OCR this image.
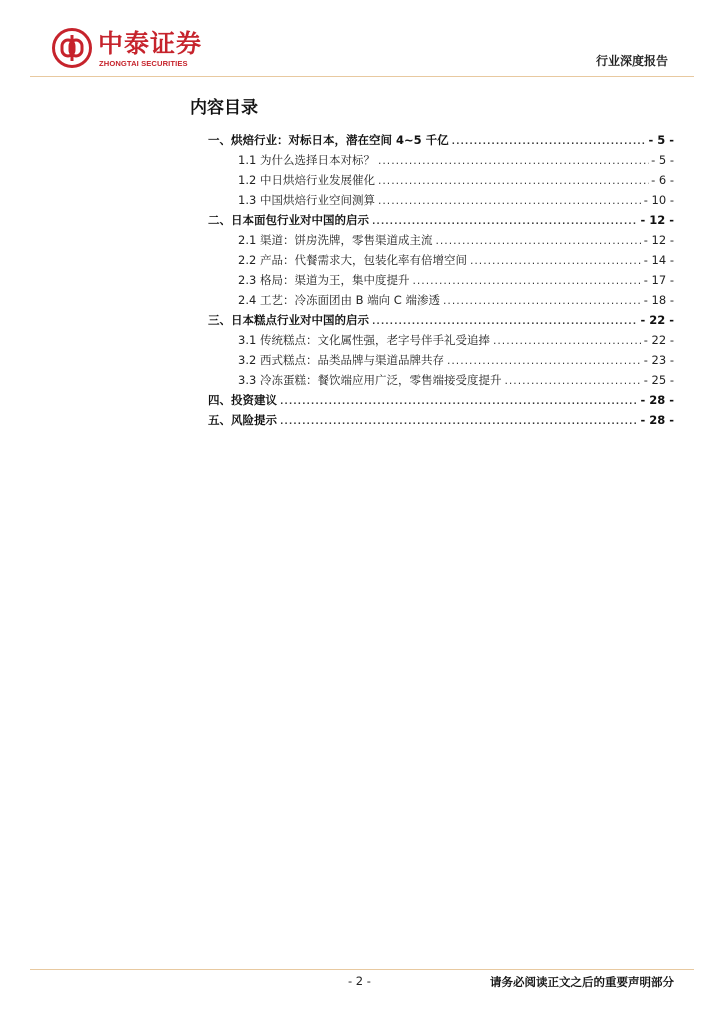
中泰证券
ZHONGTAI SECURITIES	行业深度报告
内容目录
一、烘焙行业：对标日本，潜在空间 4~5 千亿 .....	- 5 -
1.1 为什么选择日本对标？ .....	- 5 -
1.2 中日烘焙行业发展催化 .....	- 6 -
1.3 中国烘焙行业空间测算 .....	- 10 -
二、日本面包行业对中国的启示 .....	- 12 -
2.1 渠道：饼房洗牌，零售渠道成主流 .....	- 12 -
2.2 产品：代餐需求大，包装化率有倍增空间 .....	- 14 -
2.3 格局：渠道为王，集中度提升 .....	- 17 -
2.4 工艺：冷冻面团由 B 端向 C 端渗透 .....	- 18 -
三、日本糕点行业对中国的启示 .....	- 22 -
3.1 传统糕点：文化属性强，老字号伴手礼受追捧 .....	- 22 -
3.2 西式糕点：品类品牌与渠道品牌共存 .....	- 23 -
3.3 冷冻蛋糕：餐饮端应用广泛，零售端接受度提升 .....	- 25 -
四、投资建议 .....	- 28 -
五、风险提示 .....	- 28 -
- 2 -	请务必阅读正文之后的重要声明部分
